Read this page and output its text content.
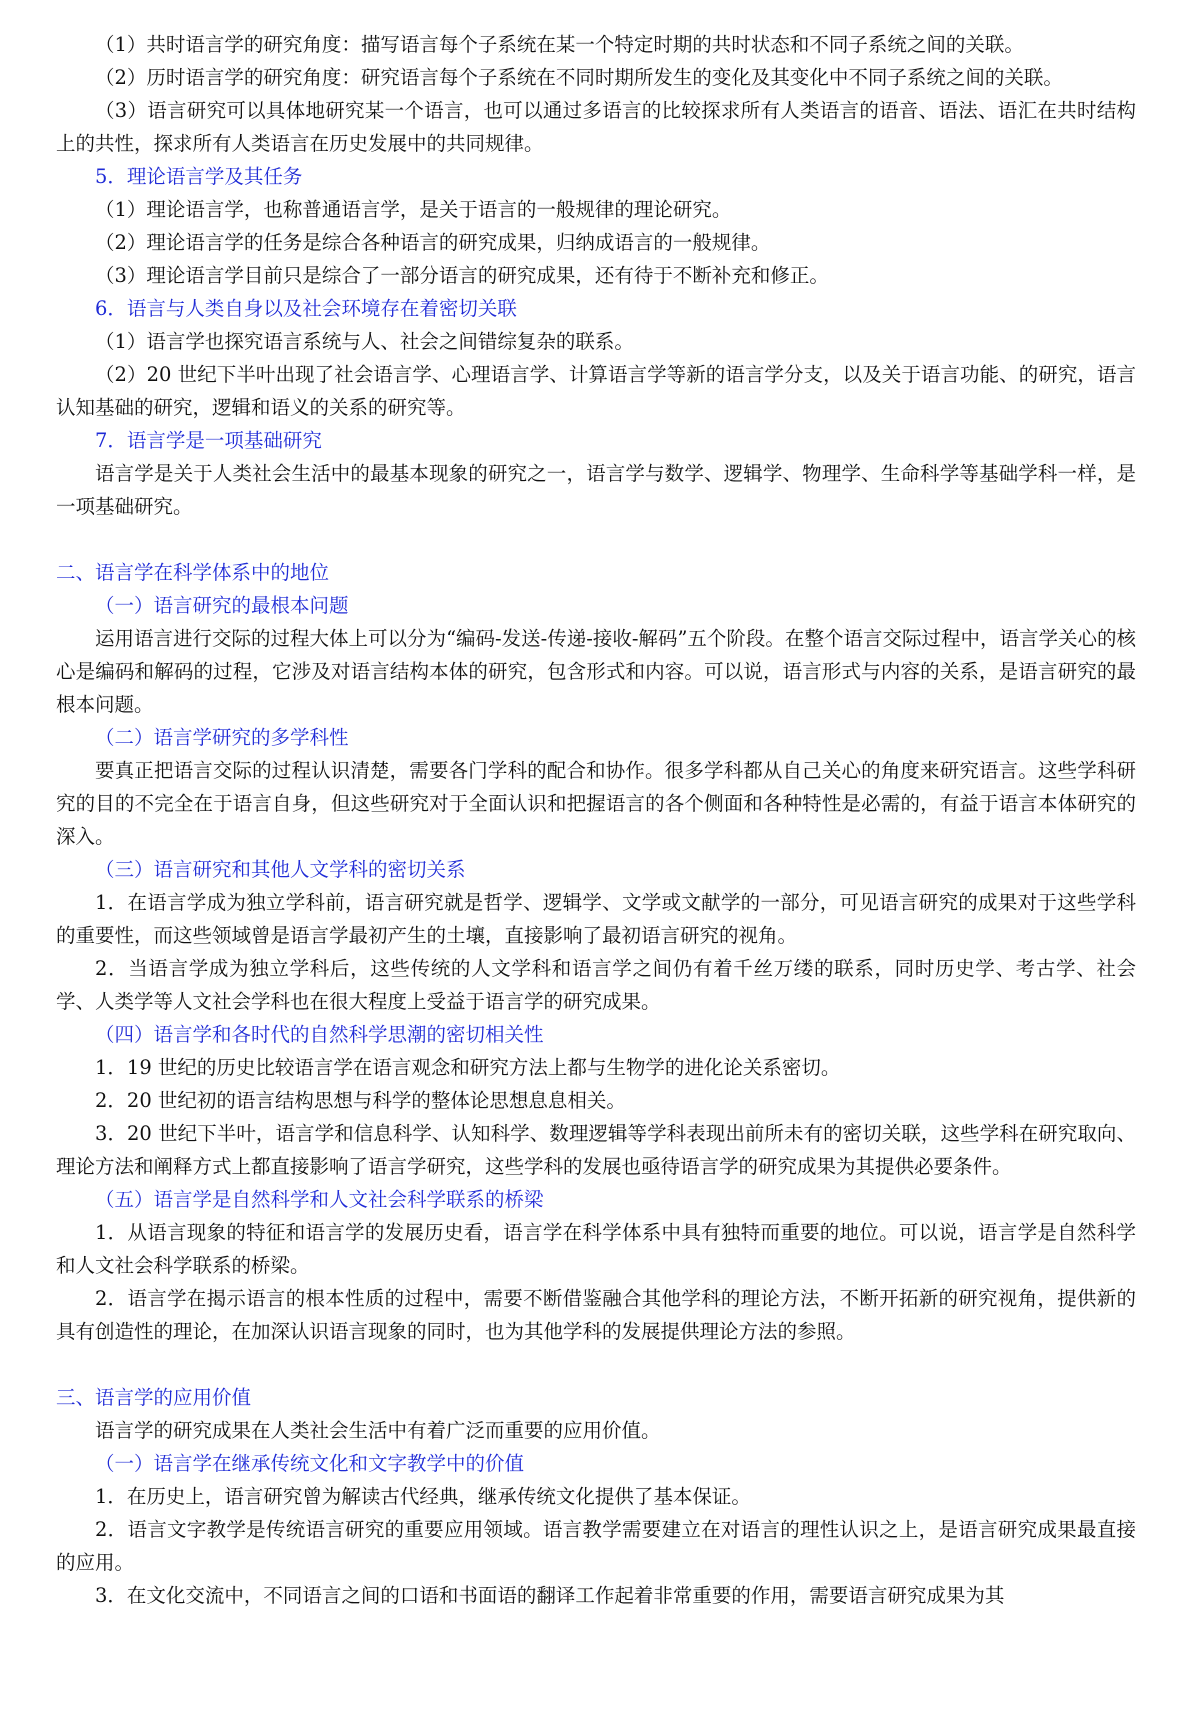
（1）共时语言学的研究角度：描写语言每个子系统在某一个特定时期的共时状态和不同子系统之间的关联。

（2）历时语言学的研究角度：研究语言每个子系统在不同时期所发生的变化及其变化中不同子系统之间的关联。

（3）语言研究可以具体地研究某一个语言，也可以通过多语言的比较探求所有人类语言的语音、语法、语汇在共时结构上的共性，探求所有人类语言在历史发展中的共同规律。

5．理论语言学及其任务

（1）理论语言学，也称普通语言学，是关于语言的一般规律的理论研究。

（2）理论语言学的任务是综合各种语言的研究成果，归纳成语言的一般规律。

（3）理论语言学目前只是综合了一部分语言的研究成果，还有待于不断补充和修正。

6．语言与人类自身以及社会环境存在着密切关联

（1）语言学也探究语言系统与人、社会之间错综复杂的联系。

（2）20 世纪下半叶出现了社会语言学、心理语言学、计算语言学等新的语言学分支，以及关于语言功能、的研究，语言认知基础的研究，逻辑和语义的关系的研究等。

7．语言学是一项基础研究

语言学是关于人类社会生活中的最基本现象的研究之一，语言学与数学、逻辑学、物理学、生命科学等基础学科一样，是一项基础研究。

二、语言学在科学体系中的地位

（一）语言研究的最根本问题

运用语言进行交际的过程大体上可以分为“编码-发送-传递-接收-解码”五个阶段。在整个语言交际过程中，语言学关心的核心是编码和解码的过程，它涉及对语言结构本体的研究，包含形式和内容。可以说，语言形式与内容的关系，是语言研究的最根本问题。

（二）语言学研究的多学科性

要真正把语言交际的过程认识清楚，需要各门学科的配合和协作。很多学科都从自己关心的角度来研究语言。这些学科研究的目的不完全在于语言自身，但这些研究对于全面认识和把握语言的各个侧面和各种特性是必需的，有益于语言本体研究的深入。

（三）语言研究和其他人文学科的密切关系

1．在语言学成为独立学科前，语言研究就是哲学、逻辑学、文学或文献学的一部分，可见语言研究的成果对于这些学科的重要性，而这些领域曾是语言学最初产生的土壤，直接影响了最初语言研究的视角。

2．当语言学成为独立学科后，这些传统的人文学科和语言学之间仍有着千丝万缕的联系，同时历史学、考古学、社会学、人类学等人文社会学科也在很大程度上受益于语言学的研究成果。

（四）语言学和各时代的自然科学思潮的密切相关性

1．19 世纪的历史比较语言学在语言观念和研究方法上都与生物学的进化论关系密切。

2．20 世纪初的语言结构思想与科学的整体论思想息息相关。

3．20 世纪下半叶，语言学和信息科学、认知科学、数理逻辑等学科表现出前所未有的密切关联，这些学科在研究取向、理论方法和阐释方式上都直接影响了语言学研究，这些学科的发展也亟待语言学的研究成果为其提供必要条件。

（五）语言学是自然科学和人文社会科学联系的桥梁

1．从语言现象的特征和语言学的发展历史看，语言学在科学体系中具有独特而重要的地位。可以说，语言学是自然科学和人文社会科学联系的桥梁。

2．语言学在揭示语言的根本性质的过程中，需要不断借鉴融合其他学科的理论方法，不断开拓新的研究视角，提供新的具有创造性的理论，在加深认识语言现象的同时，也为其他学科的发展提供理论方法的参照。

三、语言学的应用价值

语言学的研究成果在人类社会生活中有着广泛而重要的应用价值。

（一）语言学在继承传统文化和文字教学中的价值

1．在历史上，语言研究曾为解读古代经典，继承传统文化提供了基本保证。

2．语言文字教学是传统语言研究的重要应用领域。语言教学需要建立在对语言的理性认识之上，是语言研究成果最直接的应用。

3．在文化交流中，不同语言之间的口语和书面语的翻译工作起着非常重要的作用，需要语言研究成果为其
